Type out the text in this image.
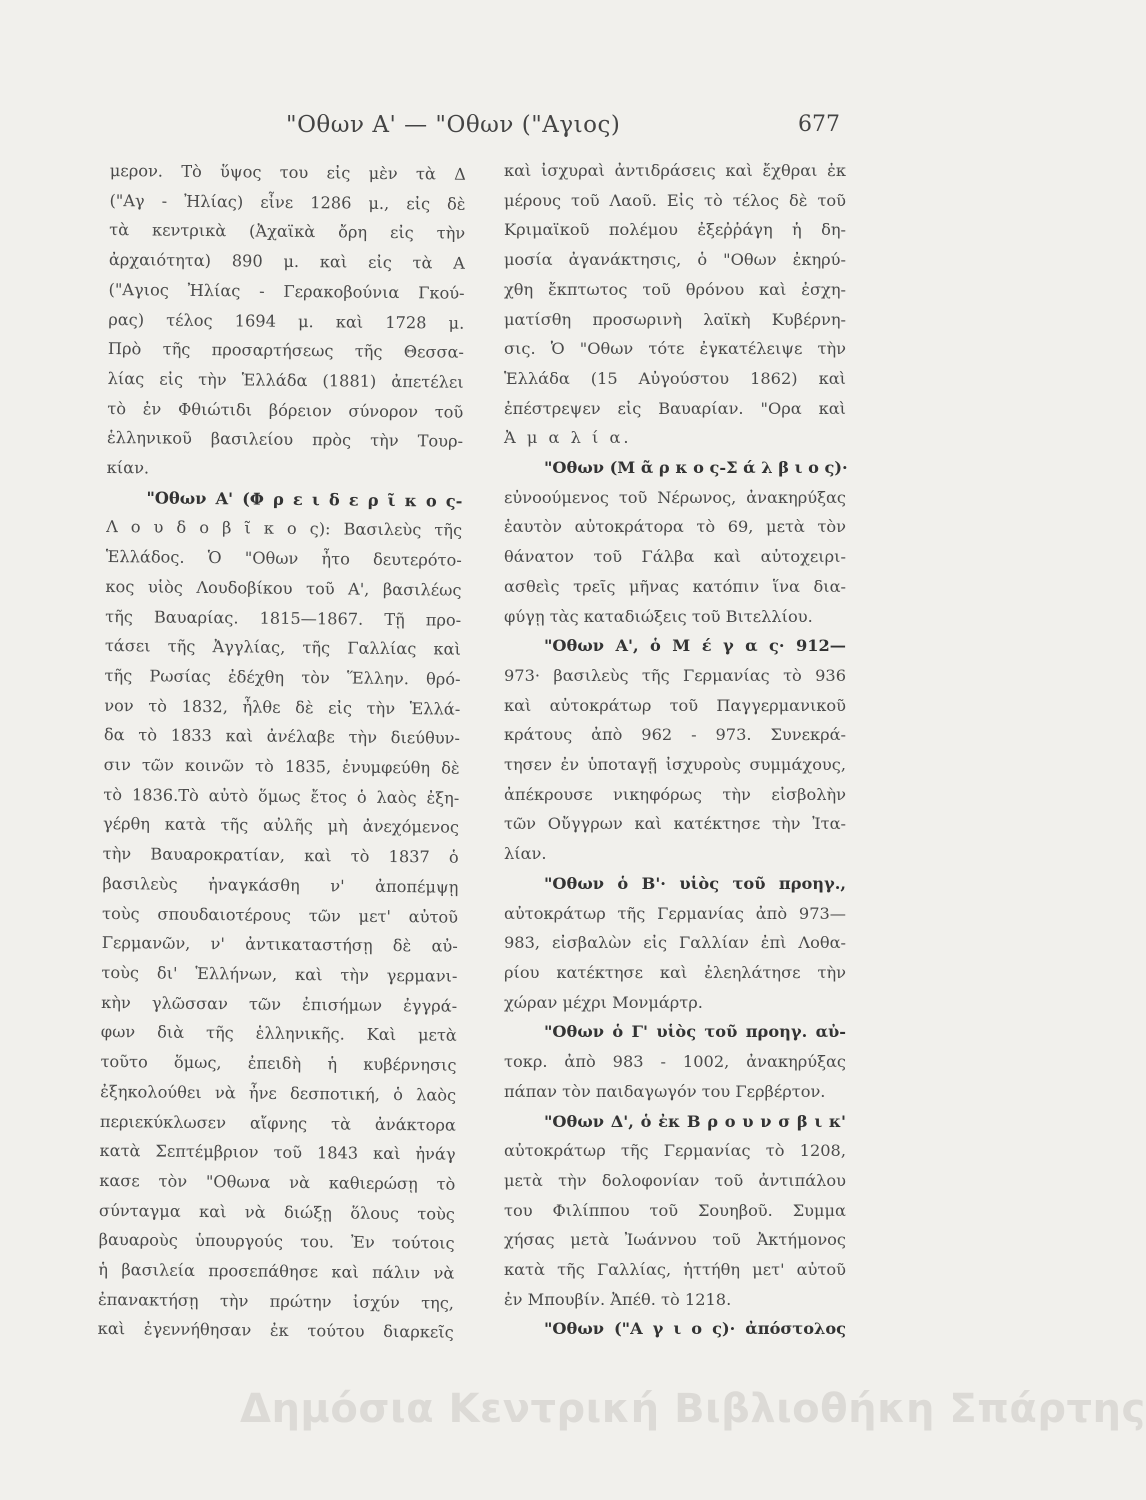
"Οθων Α' — "Οθων ("Αγιος)	677
μερον. Τὸ ὕψος του εἰς μὲν τὰ Δ
("Αγ - Ἠλίας) εἶνε 1286 μ., εἰς δὲ
τὰ κεντρικὰ (Ἀχαϊκὰ ὄρη εἰς τὴν
ἀρχαιότητα) 890 μ. καὶ εἰς τὰ Α
("Αγιος Ἠλίας - Γερακοβούνια Γκού-
ρας) τέλος 1694 μ. καὶ 1728 μ.
Πρὸ τῆς προσαρτήσεως τῆς Θεσσα-
λίας εἰς τὴν Ἑλλάδα (1881) ἀπετέλει
τὸ ἐν Φθιώτιδι βόρειον σύνορον τοῦ
ἑλληνικοῦ βασιλείου πρὸς τὴν Τουρ-
κίαν.
"Οθων Α' (Φ ρ ε ι δ ε ρ ῖ κ ο ς-
Λ ο υ δ ο β ῖ κ ο ς): Βασιλεὺς τῆς
Ἑλλάδος. Ὁ "Οθων ἦτο δευτερότο-
κος υἱὸς Λουδοβίκου τοῦ Α', βασιλέως
τῆς Βαυαρίας. 1815—1867. Τῇ προ-
τάσει τῆς Ἀγγλίας, τῆς Γαλλίας καὶ
τῆς Ρωσίας ἐδέχθη τὸν Ἕλλην. θρό-
νον τὸ 1832, ἦλθε δὲ εἰς τὴν Ἑλλά-
δα τὸ 1833 καὶ ἀνέλαβε τὴν διεύθυν-
σιν τῶν κοινῶν τὸ 1835, ἐνυμφεύθη δὲ
τὸ 1836.Τὸ αὐτὸ ὅμως ἔτος ὁ λαὸς ἐξη-
γέρθη κατὰ τῆς αὐλῆς μὴ ἀνεχόμενος
τὴν Βαυαροκρατίαν, καὶ τὸ 1837 ὁ
βασιλεὺς ἠναγκάσθη ν' ἀποπέμψῃ
τοὺς σπουδαιοτέρους τῶν μετ' αὐτοῦ
Γερμανῶν, ν' ἀντικαταστήσῃ δὲ αὐ-
τοὺς δι' Ἑλλήνων, καὶ τὴν γερμανι-
κὴν γλῶσσαν τῶν ἐπισήμων ἐγγρά-
φων διὰ τῆς ἑλληνικῆς. Καὶ μετὰ
τοῦτο ὅμως, ἐπειδὴ ἡ κυβέρνησις
ἐξηκολούθει νὰ ἦνε δεσποτική, ὁ λαὸς
περιεκύκλωσεν αἴφνης τὰ ἀνάκτορα
κατὰ Σεπτέμβριον τοῦ 1843 καὶ ἠνάγ
κασε τὸν "Οθωνα νὰ καθιερώσῃ τὸ
σύνταγμα καὶ νὰ διώξῃ ὅλους τοὺς
βαυαροὺς ὑπουργούς του. Ἐν τούτοις
ἡ βασιλεία προσεπάθησε καὶ πάλιν νὰ
ἐπανακτήσῃ τὴν πρώτην ἰσχύν της,
καὶ ἐγεννήθησαν ἐκ τούτου διαρκεῖς
καὶ ἰσχυραὶ ἀντιδράσεις καὶ ἔχθραι ἐκ
μέρους τοῦ Λαοῦ. Εἰς τὸ τέλος δὲ τοῦ
Κριμαϊκοῦ πολέμου ἐξεῤῥάγη ἡ δη-
μοσία ἀγανάκτησις, ὁ "Οθων ἐκηρύ-
χθη ἔκπτωτος τοῦ θρόνου καὶ ἐσχη-
ματίσθη προσωρινὴ λαϊκὴ Κυβέρνη-
σις. Ὁ "Οθων τότε ἐγκατέλειψε τὴν
Ἑλλάδα (15 Αὐγούστου 1862) καὶ
ἐπέστρεψεν εἰς Βαυαρίαν. "Ορα καὶ
Ἀ μ α λ ί α.
"Οθων (Μ ᾶ ρ κ ο ς-Σ ά λ β ι ο ς)·
εὐνοούμενος τοῦ Νέρωνος, ἀνακηρύξας
ἑαυτὸν αὐτοκράτορα τὸ 69, μετὰ τὸν
θάνατον τοῦ Γάλβα καὶ αὐτοχειρι-
ασθεὶς τρεῖς μῆνας κατόπιν ἵνα δια-
φύγῃ τὰς καταδιώξεις τοῦ Βιτελλίου.
"Οθων Α', ὁ Μ έ γ α ς· 912—
973· βασιλεὺς τῆς Γερμανίας τὸ 936
καὶ αὐτοκράτωρ τοῦ Παγγερμανικοῦ
κράτους ἀπὸ 962 - 973. Συνεκρά-
τησεν ἐν ὑποταγῇ ἰσχυροὺς συμμάχους,
ἀπέκρουσε νικηφόρως τὴν εἰσβολὴν
τῶν Οὔγγρων καὶ κατέκτησε τὴν Ἰτα-
λίαν.
"Οθων ὁ Β'· υἱὸς τοῦ προηγ.,
αὐτοκράτωρ τῆς Γερμανίας ἀπὸ 973—
983, εἰσβαλὼν εἰς Γαλλίαν ἐπὶ Λοθα-
ρίου κατέκτησε καὶ ἐλεηλάτησε τὴν
χώραν μέχρι Μονμάρτρ.
"Οθων ὁ Γ' υἱὸς τοῦ προηγ. αὐ-
τοκρ. ἀπὸ 983 - 1002, ἀνακηρύξας
πάπαν τὸν παιδαγωγόν του Γερβέρτον.
"Οθων Δ', ὁ ἐκ Β ρ ο υ ν σ β ι κ'
αὐτοκράτωρ τῆς Γερμανίας τὸ 1208,
μετὰ τὴν δολοφονίαν τοῦ ἀντιπάλου
του Φιλίππου τοῦ Σουηβοῦ. Συμμα
χήσας μετὰ Ἰωάννου τοῦ Ἀκτήμονος
κατὰ τῆς Γαλλίας, ἡττήθη μετ' αὐτοῦ
ἐν Μπουβίν. Ἀπέθ. τὸ 1218.
"Οθων ("Α γ ι ο ς)· ἀπόστολος
Δημόσια Κεντρική Βιβλιοθήκη Σπάρτης
